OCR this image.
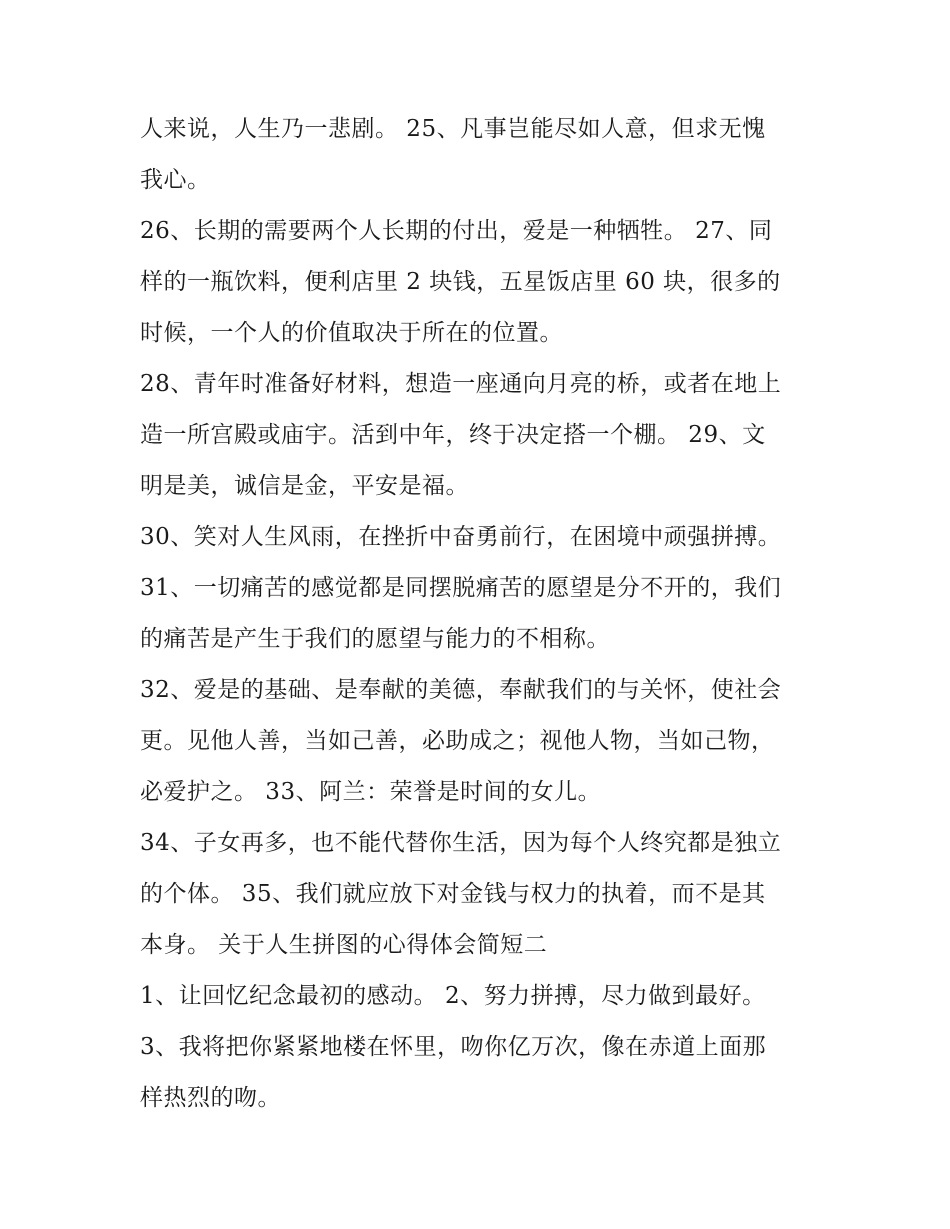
人来说，人生乃一悲剧。 25、凡事岂能尽如人意，但求无愧
我心。
26、长期的需要两个人长期的付出，爱是一种牺牲。 27、同
样的一瓶饮料，便利店里 2 块钱，五星饭店里 60 块，很多的
时候，一个人的价值取决于所在的位置。
28、青年时准备好材料，想造一座通向月亮的桥，或者在地上
造一所宫殿或庙宇。活到中年，终于决定搭一个棚。 29、文
明是美，诚信是金，平安是福。
30、笑对人生风雨，在挫折中奋勇前行，在困境中顽强拼搏。
31、一切痛苦的感觉都是同摆脱痛苦的愿望是分不开的，我们
的痛苦是产生于我们的愿望与能力的不相称。
32、爱是的基础、是奉献的美德，奉献我们的与关怀，使社会
更。见他人善，当如己善，必助成之；视他人物，当如己物，
必爱护之。 33、阿兰：荣誉是时间的女儿。
34、子女再多，也不能代替你生活，因为每个人终究都是独立
的个体。 35、我们就应放下对金钱与权力的执着，而不是其
本身。 关于人生拼图的心得体会简短二
1、让回忆纪念最初的感动。 2、努力拼搏，尽力做到最好。
3、我将把你紧紧地楼在怀里，吻你亿万次，像在赤道上面那
样热烈的吻。
